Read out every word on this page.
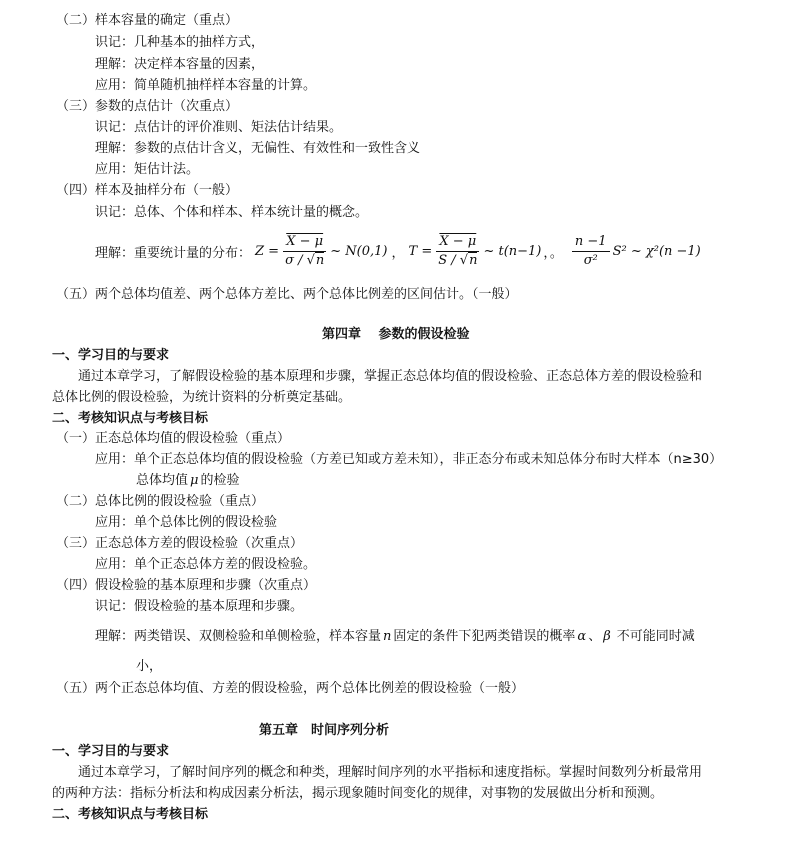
（二）样本容量的确定（重点）
识记：几种基本的抽样方式，
理解：决定样本容量的因素，
应用：简单随机抽样样本容量的计算。
（三）参数的点估计（次重点）
识记：点估计的评价准则、矩法估计结果。
理解：参数的点估计含义，无偏性、有效性和一致性含义
应用：矩估计法。
（四）样本及抽样分布（一般）
识记：总体、个体和样本、样本统计量的概念。
理解：重要统计量的分布： $Z = \frac{X - \mu}{\sigma / √n}$ ~ N(0,1) ， $T = \frac{X - \mu}{S / √n}$ ~ t(n−1) ，。 $\frac{n -1}{\text{σ²}} S^2$ ~ χ²(n −1)
（五）两个总体均值差、两个总体方差比、两个总体比例差的区间估计。（一般）
第四章　 参数的假设检验
一、学习目的与要求
通过本章学习，了解假设检验的基本原理和步骤，掌握正态总体均值的假设检验、正态总体方差的假设检验和
总体比例的假设检验，为统计资料的分析奠定基础。
二、考核知识点与考核目标
（一）正态总体均值的假设检验（重点）
应用：单个正态总体均值的假设检验（方差已知或方差未知），非正态分布或未知总体分布时大样本（n≥30）
总体均值 μ 的检验
（二）总体比例的假设检验（重点）
应用：单个总体比例的假设检验
（三）正态总体方差的假设检验（次重点）
应用：单个正态总体方差的假设检验。
（四）假设检验的基本原理和步骤（次重点）
识记：假设检验的基本原理和步骤。
理解：两类错误、双侧检验和单侧检验，样本容量 n 固定的条件下犯两类错误的概率 α 、 β 不可能同时减
小，
（五）两个正态总体均值、方差的假设检验，两个总体比例差的假设检验（一般）
第五章　时间序列分析
一、学习目的与要求
通过本章学习，了解时间序列的概念和种类，理解时间序列的水平指标和速度指标。掌握时间数列分析最常用
的两种方法：指标分析法和构成因素分析法，揭示现象随时间变化的规律，对事物的发展做出分析和预测。
二、考核知识点与考核目标
